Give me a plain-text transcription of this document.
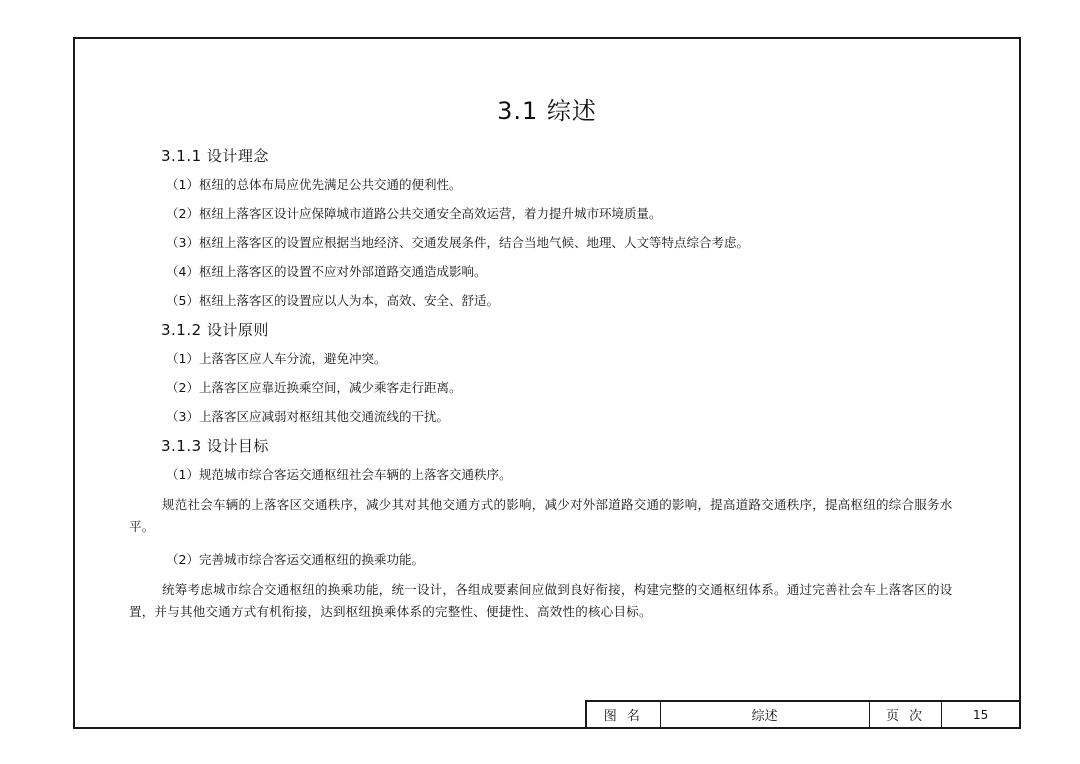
3.1 综述
3.1.1 设计理念

（1）枢纽的总体布局应优先满足公共交通的便利性。

（2）枢纽上落客区设计应保障城市道路公共交通安全高效运营，着力提升城市环境质量。

（3）枢纽上落客区的设置应根据当地经济、交通发展条件，结合当地气候、地理、人文等特点综合考虑。

（4）枢纽上落客区的设置不应对外部道路交通造成影响。

（5）枢纽上落客区的设置应以人为本，高效、安全、舒适。

3.1.2 设计原则

（1）上落客区应人车分流，避免冲突。

（2）上落客区应靠近换乘空间，减少乘客走行距离。

（3）上落客区应减弱对枢纽其他交通流线的干扰。

3.1.3 设计目标

（1）规范城市综合客运交通枢纽社会车辆的上落客交通秩序。

规范社会车辆的上落客区交通秩序，减少其对其他交通方式的影响，减少对外部道路交通的影响，提高道路交通秩序，提高枢纽的综合服务水平。

（2）完善城市综合客运交通枢纽的换乘功能。

统筹考虑城市综合交通枢纽的换乘功能，统一设计，各组成要素间应做到良好衔接，构建完整的交通枢纽体系。通过完善社会车上落客区的设置，并与其他交通方式有机衔接，达到枢纽换乘体系的完整性、便捷性、高效性的核心目标。

图 名	综述	页 次	15
